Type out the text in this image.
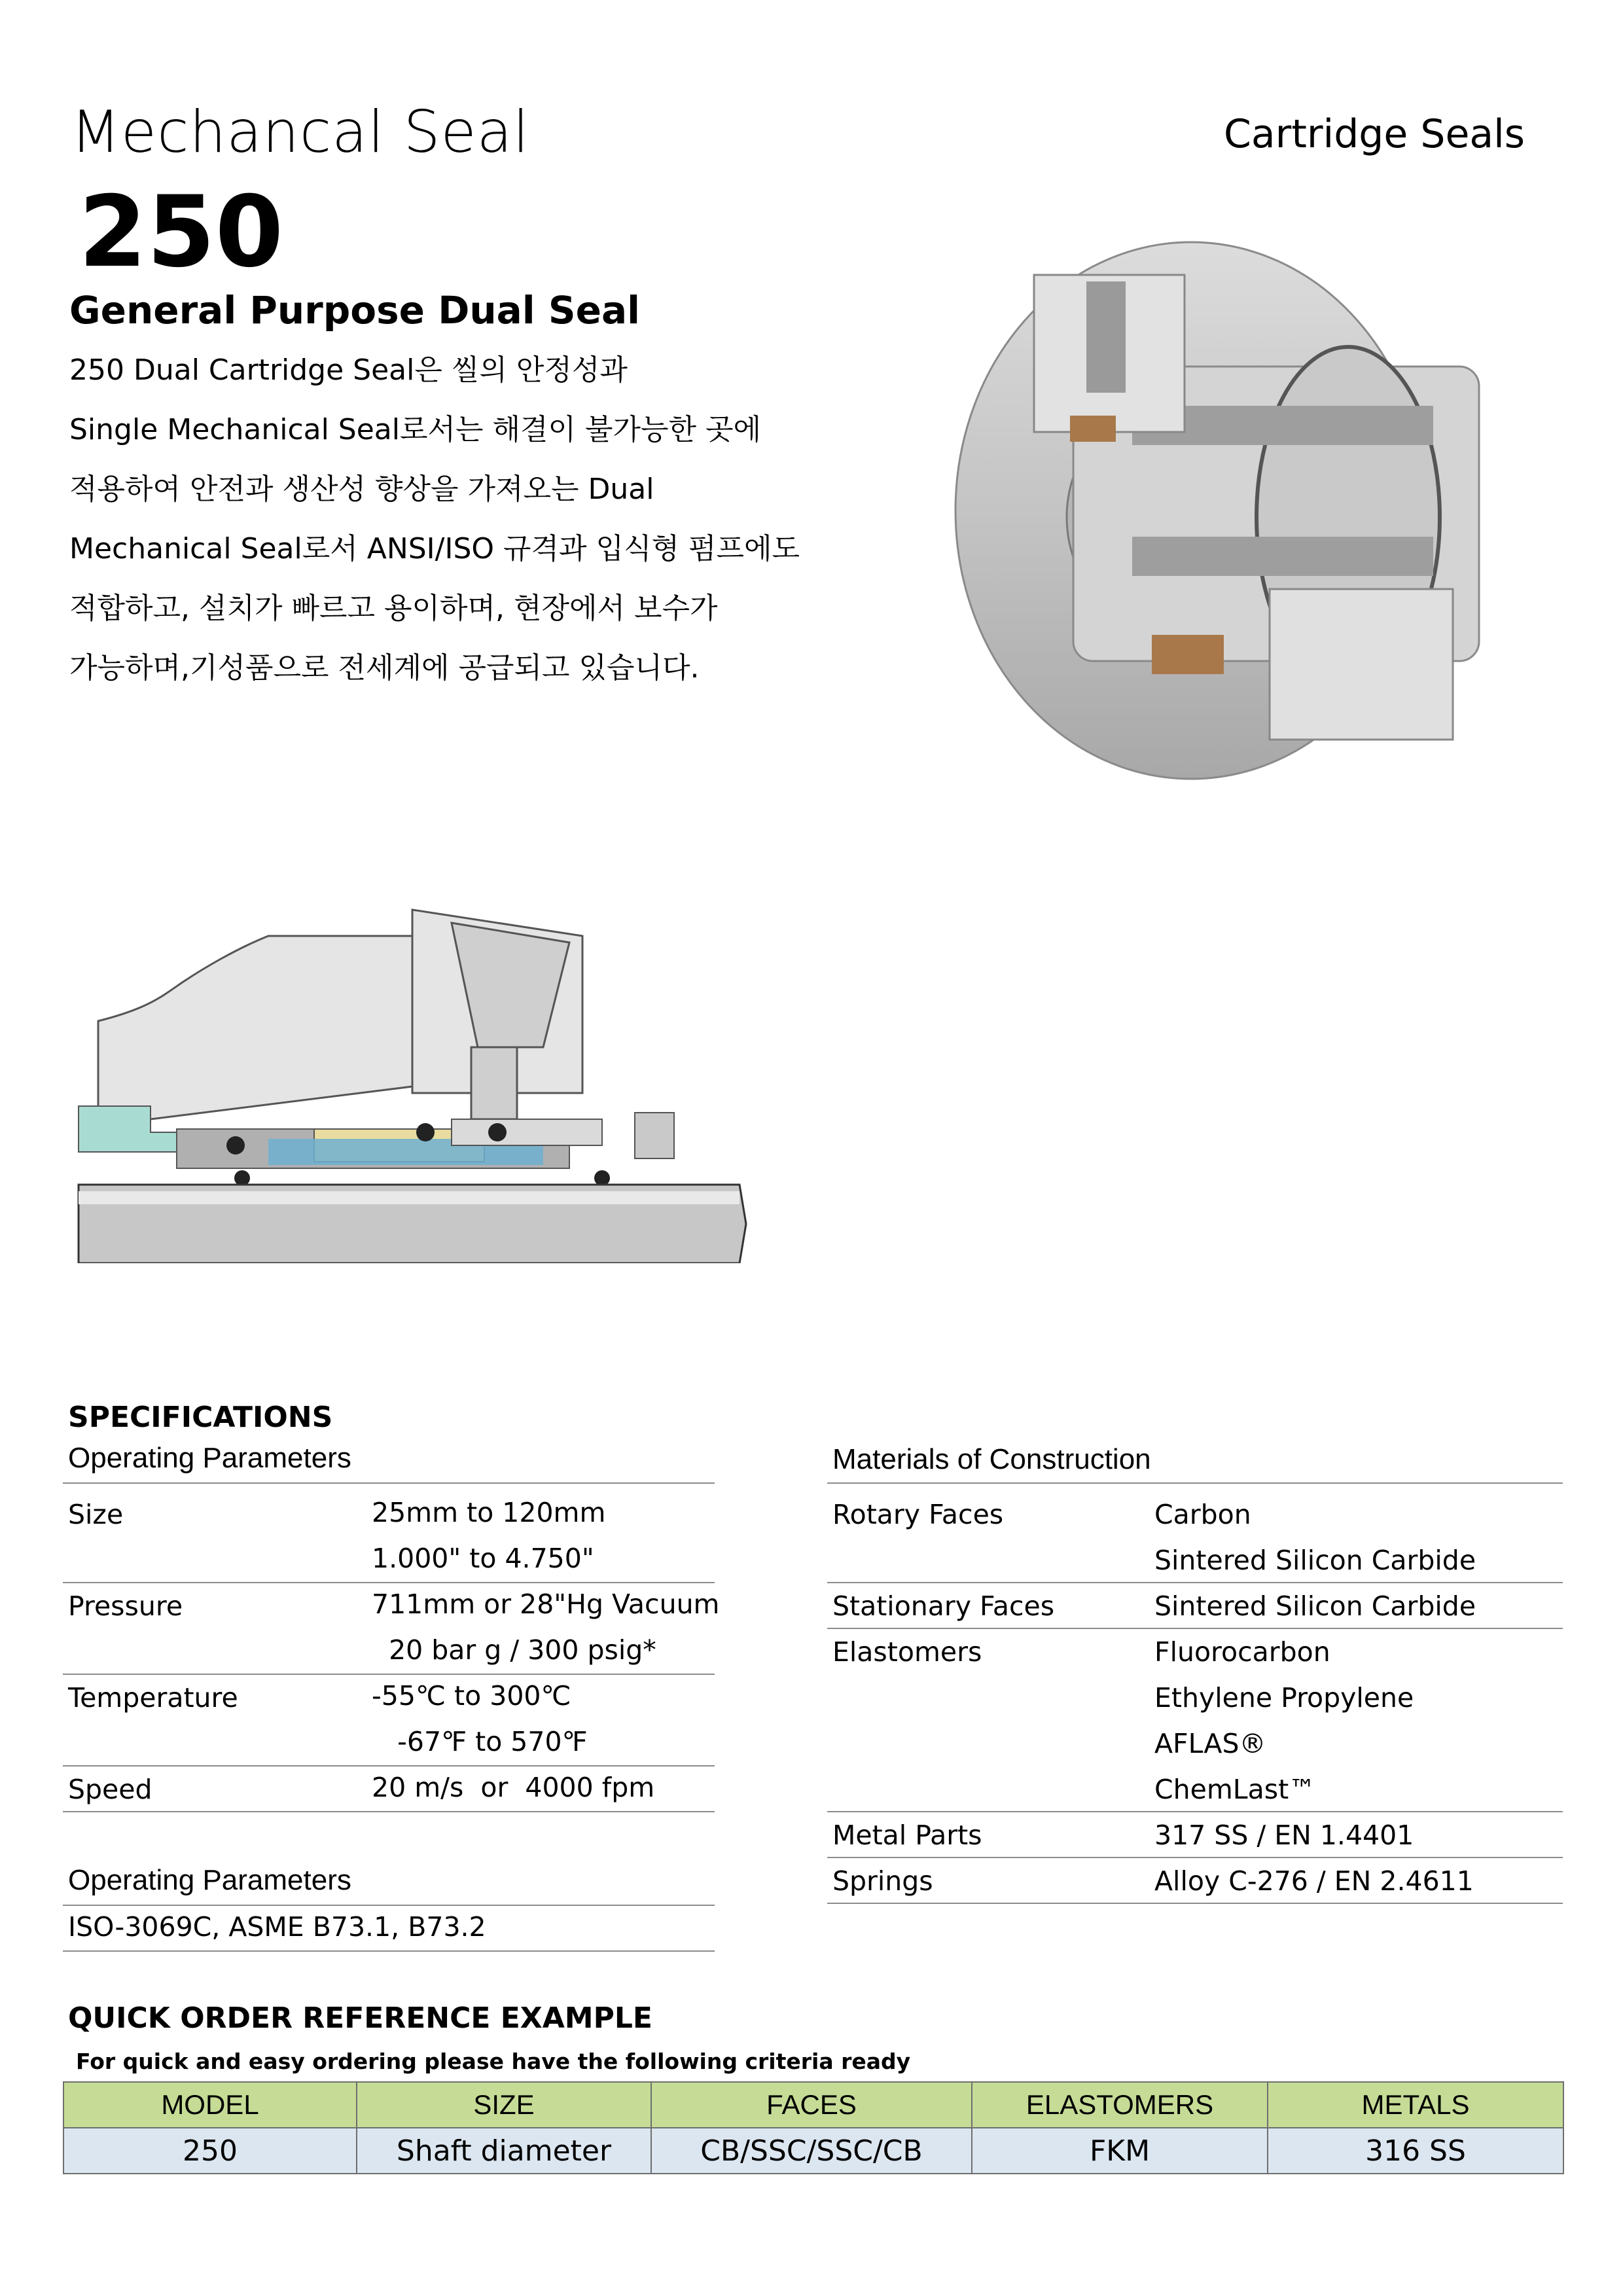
Mechancal Seal	Cartridge Seals
250
General Purpose Dual Seal
250 Dual Cartridge Seal은 씰의 안정성과
Single Mechanical Seal로서는 해결이 불가능한 곳에
적용하여 안전과 생산성 향상을 가져오는 Dual
Mechanical Seal로서 ANSI/ISO 규격과 입식형 펌프에도
적합하고, 설치가 빠르고 용이하며, 현장에서 보수가
가능하며,기성품으로 전세계에 공급되고 있습니다.
SPECIFICATIONS
Operating Parameters
Size	25mm to 120mm
1.000" to 4.750"
Pressure	711mm or 28"Hg Vacuum
20 bar g / 300 psig*
Temperature	-55℃ to 300℃
-67℉ to 570℉
Speed	20 m/s  or  4000 fpm
Operating Parameters
ISO-3069C, ASME B73.1, B73.2
Materials of Construction
Rotary Faces	Carbon
Sintered Silicon Carbide
Stationary Faces	Sintered Silicon Carbide
Elastomers	Fluorocarbon
Ethylene Propylene
AFLAS®
ChemLast™
Metal Parts	317 SS / EN 1.4401
Springs	Alloy C-276 / EN 2.4611
QUICK ORDER REFERENCE EXAMPLE
For quick and easy ordering please have the following criteria ready
MODEL	SIZE	FACES	ELASTOMERS	METALS
250	Shaft diameter	CB/SSC/SSC/CB	FKM	316 SS
